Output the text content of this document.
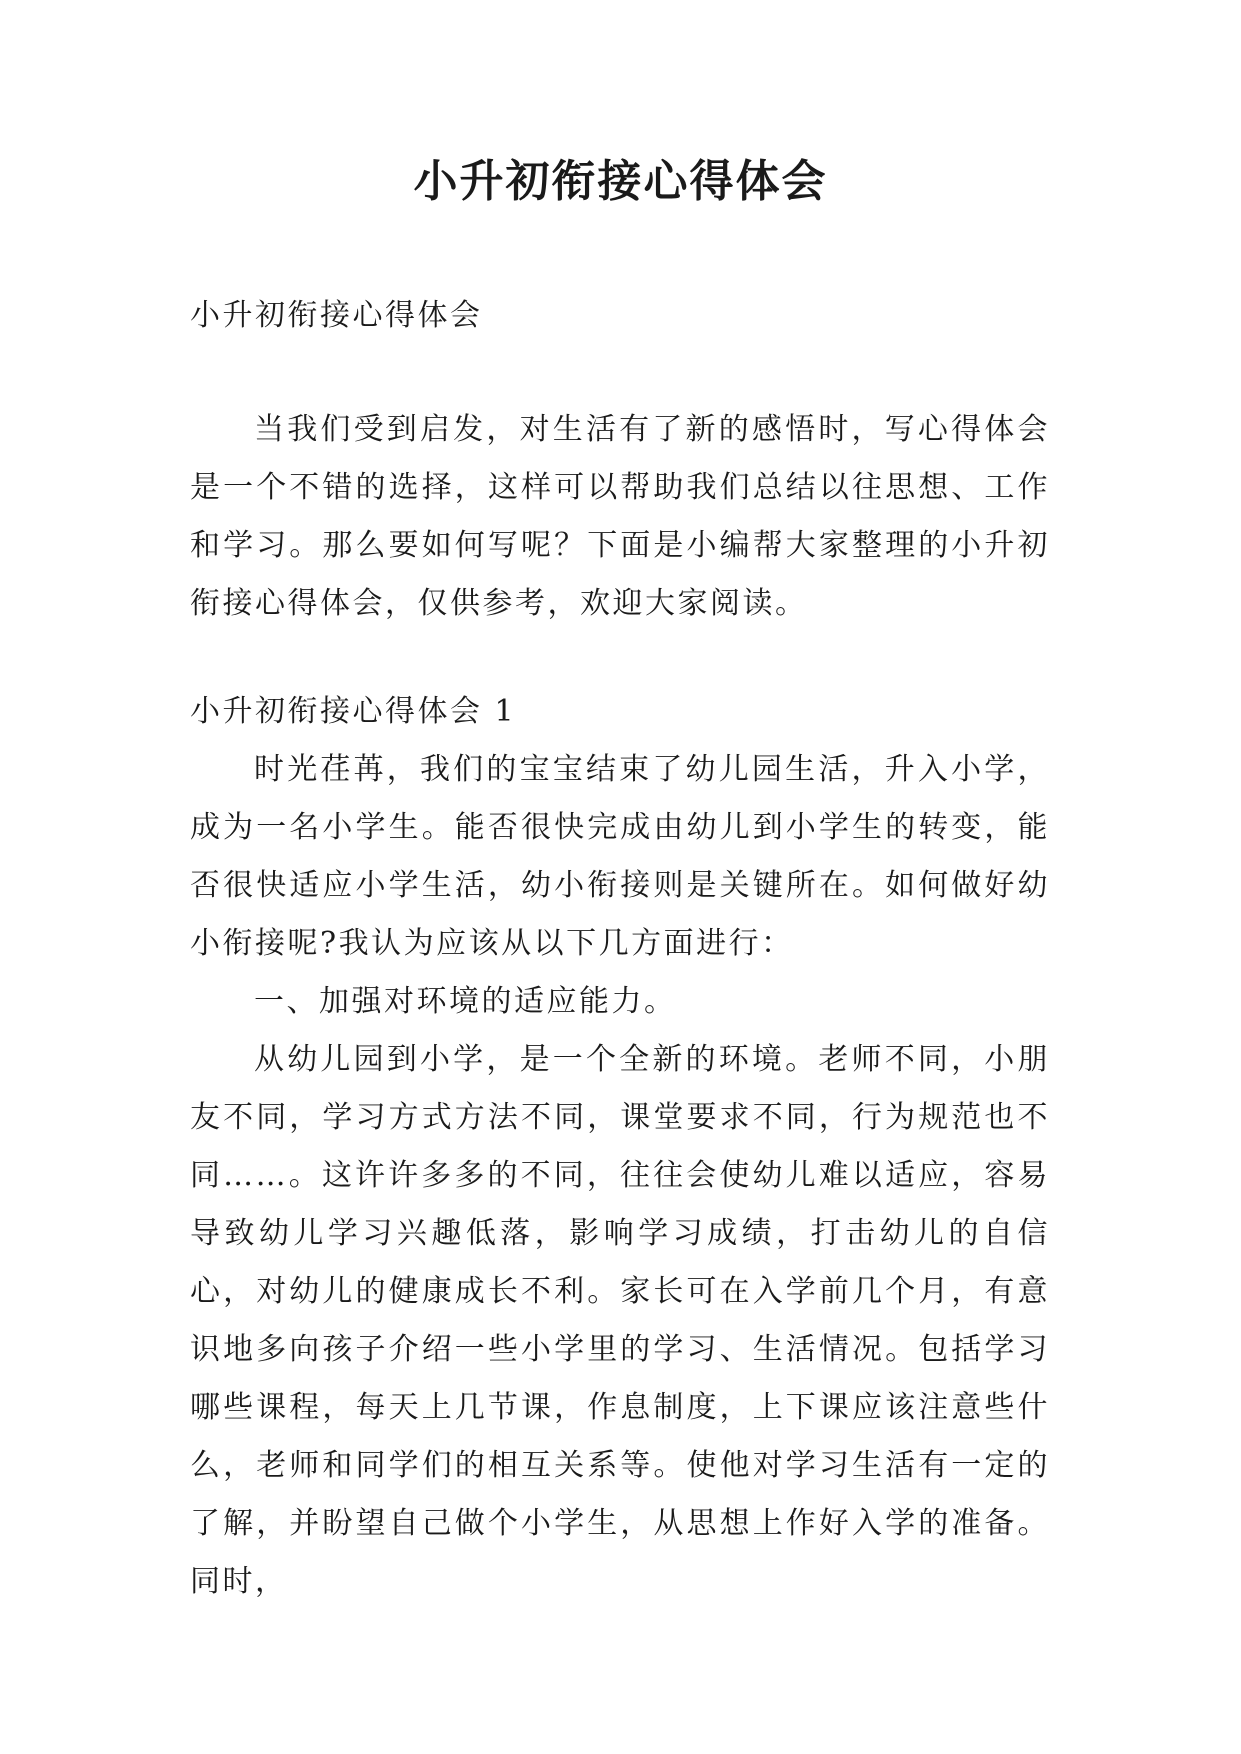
小升初衔接心得体会
小升初衔接心得体会

当我们受到启发，对生活有了新的感悟时，写心得体会是一个不错的选择，这样可以帮助我们总结以往思想、工作和学习。那么要如何写呢？下面是小编帮大家整理的小升初衔接心得体会，仅供参考，欢迎大家阅读。

小升初衔接心得体会 1

时光荏苒，我们的宝宝结束了幼儿园生活，升入小学，成为一名小学生。能否很快完成由幼儿到小学生的转变，能否很快适应小学生活，幼小衔接则是关键所在。如何做好幼小衔接呢?我认为应该从以下几方面进行：

一、加强对环境的适应能力。

从幼儿园到小学，是一个全新的环境。老师不同，小朋友不同，学习方式方法不同，课堂要求不同，行为规范也不同……。这许许多多的不同，往往会使幼儿难以适应，容易导致幼儿学习兴趣低落，影响学习成绩，打击幼儿的自信心，对幼儿的健康成长不利。家长可在入学前几个月，有意识地多向孩子介绍一些小学里的学习、生活情况。包括学习哪些课程，每天上几节课，作息制度，上下课应该注意些什么，老师和同学们的相互关系等。使他对学习生活有一定的了解，并盼望自己做个小学生，从思想上作好入学的准备。同时，
